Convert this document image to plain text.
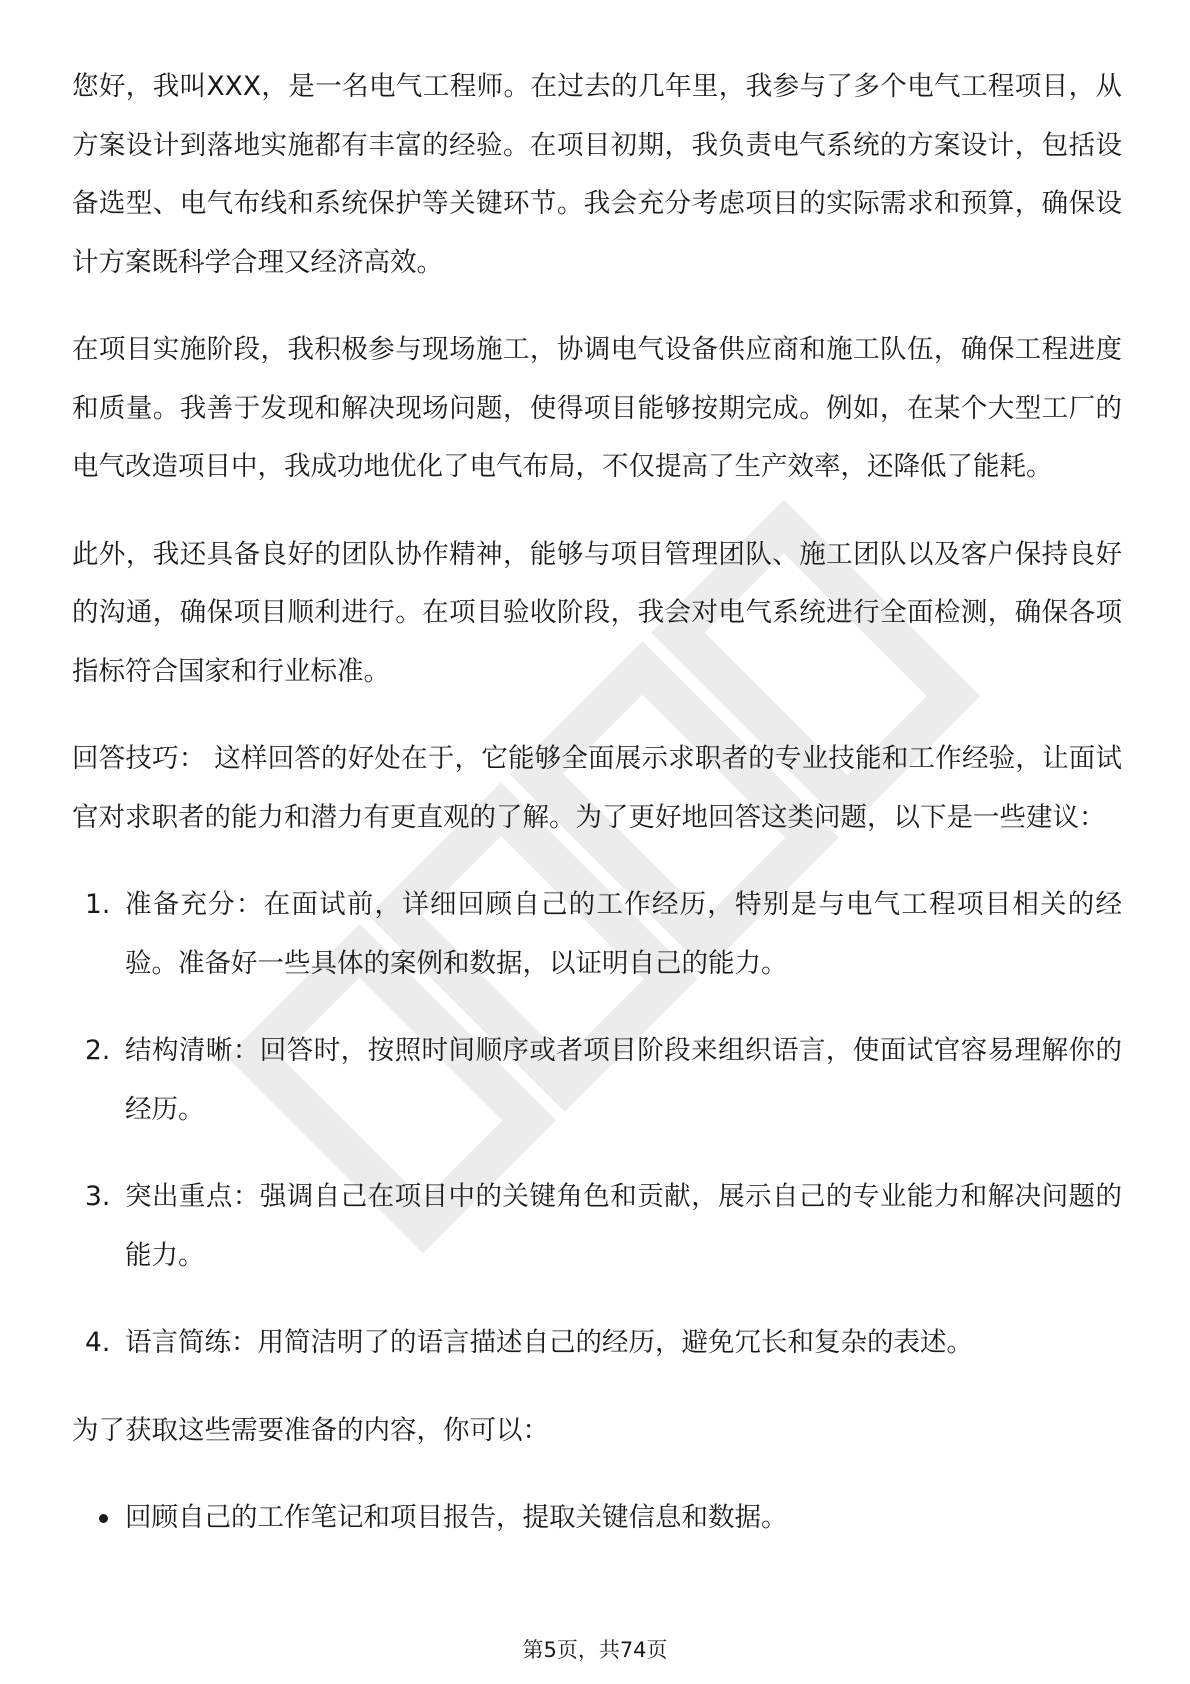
您好，我叫XXX，是一名电气工程师。在过去的几年里，我参与了多个电气工程项目，从方案设计到落地实施都有丰富的经验。在项目初期，我负责电气系统的方案设计，包括设备选型、电气布线和系统保护等关键环节。我会充分考虑项目的实际需求和预算，确保设计方案既科学合理又经济高效。

在项目实施阶段，我积极参与现场施工，协调电气设备供应商和施工队伍，确保工程进度和质量。我善于发现和解决现场问题，使得项目能够按期完成。例如，在某个大型工厂的电气改造项目中，我成功地优化了电气布局，不仅提高了生产效率，还降低了能耗。

此外，我还具备良好的团队协作精神，能够与项目管理团队、施工团队以及客户保持良好的沟通，确保项目顺利进行。在项目验收阶段，我会对电气系统进行全面检测，确保各项指标符合国家和行业标准。

回答技巧： 这样回答的好处在于，它能够全面展示求职者的专业技能和工作经验，让面试官对求职者的能力和潜力有更直观的了解。为了更好地回答这类问题，以下是一些建议：

1. 准备充分：在面试前，详细回顾自己的工作经历，特别是与电气工程项目相关的经验。准备好一些具体的案例和数据，以证明自己的能力。
2. 结构清晰：回答时，按照时间顺序或者项目阶段来组织语言，使面试官容易理解你的经历。
3. 突出重点：强调自己在项目中的关键角色和贡献，展示自己的专业能力和解决问题的能力。
4. 语言简练：用简洁明了的语言描述自己的经历，避免冗长和复杂的表述。

为了获取这些需要准备的内容，你可以：

回顾自己的工作笔记和项目报告，提取关键信息和数据。
第5页，共74页
